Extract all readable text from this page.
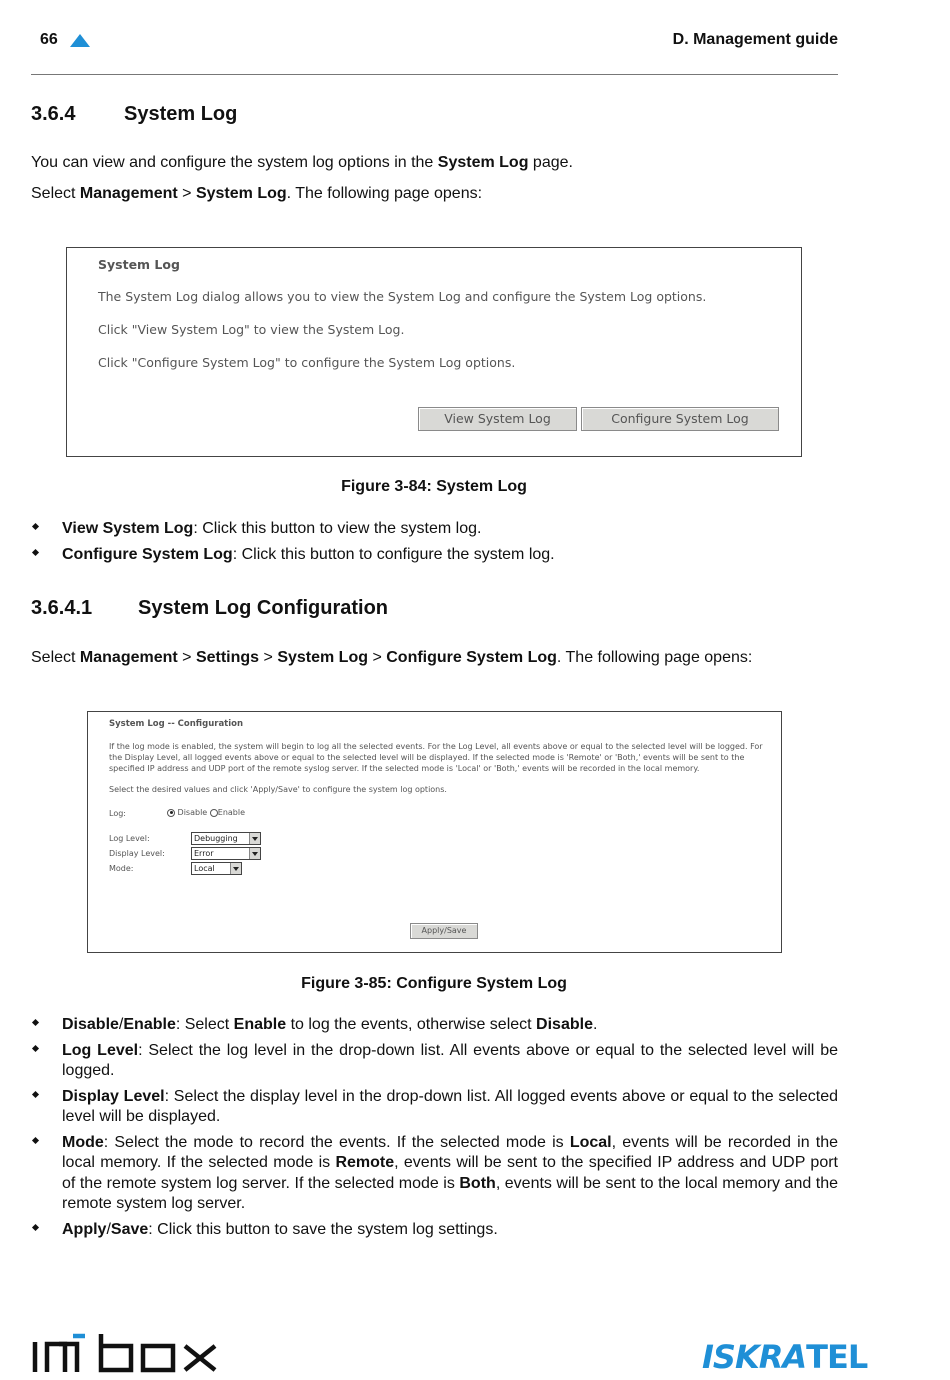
66	D. Management guide
3.6.4 System Log

You can view and configure the system log options in the System Log page.

Select Management > System Log. The following page opens:

System Log
The System Log dialog allows you to view the System Log and configure the System Log options.
Click "View System Log" to view the System Log.
Click "Configure System Log" to configure the System Log options.
View System Log	Configure System Log
Figure 3-84: System Log
View System Log: Click this button to view the system log.
Configure System Log: Click this button to configure the system log.
3.6.4.1 System Log Configuration

Select Management > Settings > System Log > Configure System Log. The following page opens:

System Log -- Configuration
If the log mode is enabled, the system will begin to log all the selected events. For the Log Level, all events above or equal to the selected level will be logged. For the Display Level, all logged events above or equal to the selected level will be displayed. If the selected mode is 'Remote' or 'Both,' events will be sent to the specified IP address and UDP port of the remote syslog server. If the selected mode is 'Local' or 'Both,' events will be recorded in the local memory.
Select the desired values and click 'Apply/Save' to configure the system log options.
Log:	Disable Enable
Log Level:	Debugging
Display Level:	Error
Mode:	Local
Apply/Save
Figure 3-85: Configure System Log
Disable/Enable: Select Enable to log the events, otherwise select Disable.
Log Level: Select the log level in the drop-down list. All events above or equal to the selected level will be logged.
Display Level: Select the display level in the drop-down list. All logged events above or equal to the selected level will be displayed.
Mode: Select the mode to record the events. If the selected mode is Local, events will be recorded in the local memory. If the selected mode is Remote, events will be sent to the specified IP address and UDP port of the remote system log server. If the selected mode is Both, events will be sent to the local memory and the remote system log server.
Apply/Save: Click this button to save the system log settings.
ISKRATEL
